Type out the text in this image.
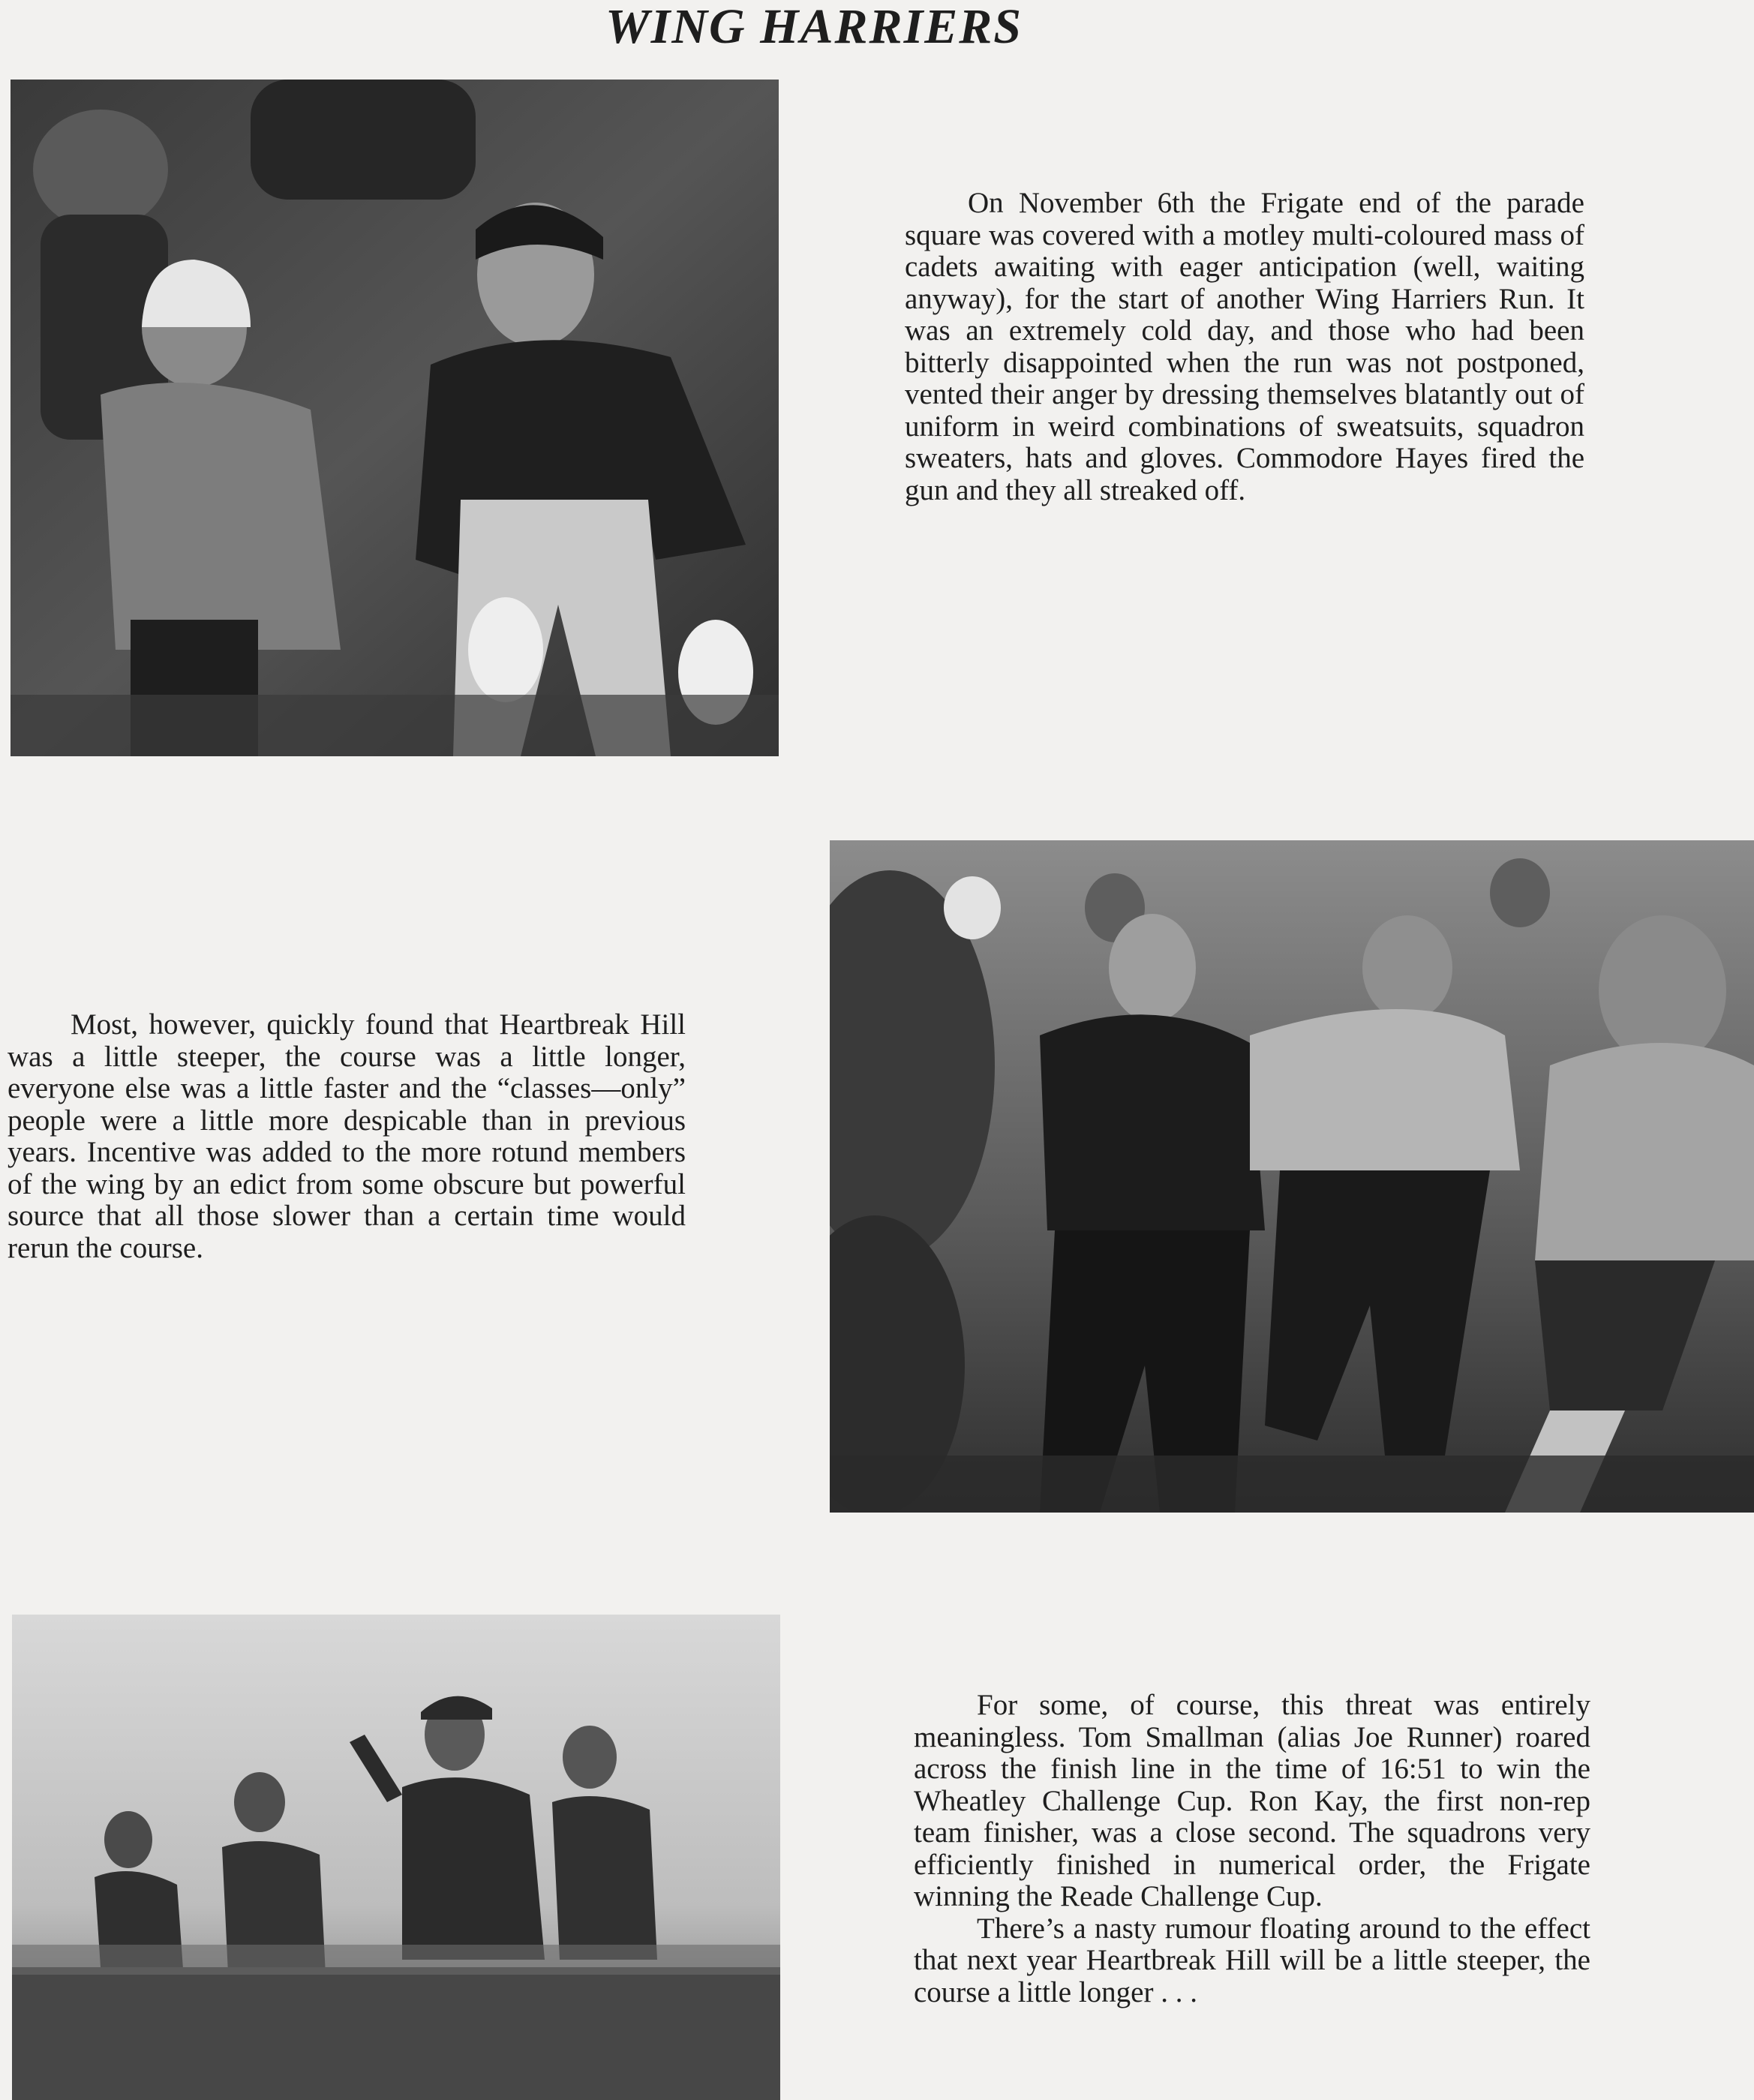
WING HARRIERS

On November 6th the Frigate end of the parade square was covered with a motley multi-coloured mass of cadets awaiting with eager anticipation (well, waiting anyway), for the start of another Wing Harriers Run. It was an extremely cold day, and those who had been bitterly disappointed when the run was not postponed, vented their anger by dressing themselves blatantly out of uniform in weird combinations of sweatsuits, squadron sweaters, hats and gloves. Commodore Hayes fired the gun and they all streaked off.

Most, however, quickly found that Heartbreak Hill was a little steeper, the course was a little longer, everyone else was a little faster and the “classes—only” people were a little more despicable than in previous years. Incentive was added to the more rotund members of the wing by an edict from some obscure but powerful source that all those slower than a certain time would rerun the course.

For some, of course, this threat was entirely meaningless. Tom Smallman (alias Joe Runner) roared across the finish line in the time of 16:51 to win the Wheatley Challenge Cup. Ron Kay, the first non-rep team finisher, was a close second. The squadrons very efficiently finished in numerical order, the Frigate winning the Reade Challenge Cup.

There’s a nasty rumour floating around to the effect that next year Heartbreak Hill will be a little steeper, the course a little longer . . .
